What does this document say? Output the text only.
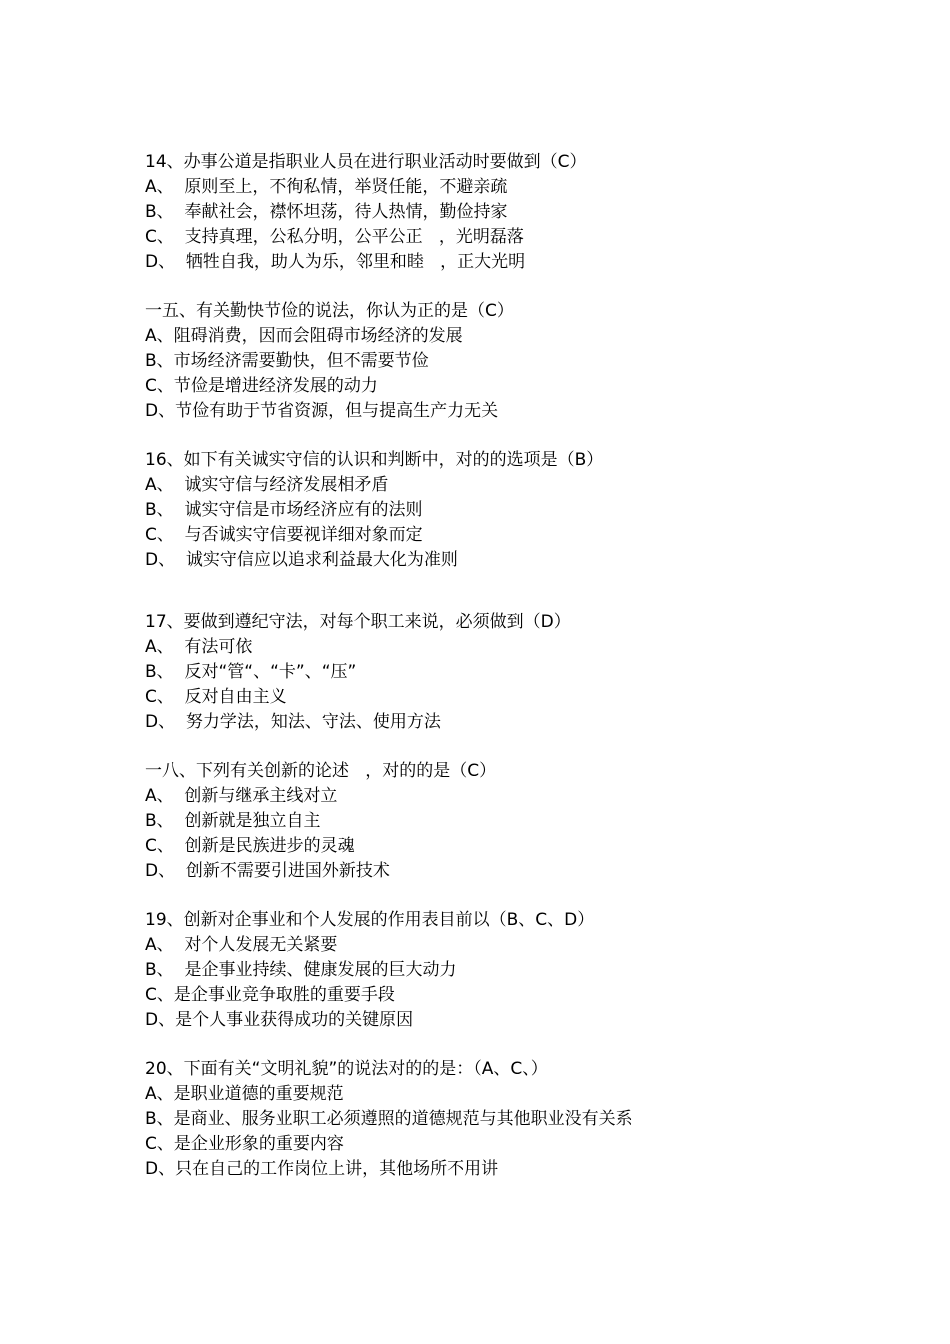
14、办事公道是指职业人员在进行职业活动时要做到（C）

A、  原则至上，不徇私情，举贤任能，不避亲疏

B、  奉献社会，襟怀坦荡，待人热情，勤俭持家

C、  支持真理，公私分明，公平公正   ，光明磊落

D、  牺牲自我，助人为乐，邻里和睦   ，正大光明

一五、有关勤快节俭的说法，你认为正的是（C）

A、阻碍消费，因而会阻碍市场经济的发展

B、市场经济需要勤快，但不需要节俭

C、节俭是增进经济发展的动力

D、节俭有助于节省资源，但与提高生产力无关

16、如下有关诚实守信的认识和判断中，对的的选项是（B）

A、  诚实守信与经济发展相矛盾

B、  诚实守信是市场经济应有的法则

C、  与否诚实守信要视详细对象而定

D、  诚实守信应以追求利益最大化为准则

17、要做到遵纪守法，对每个职工来说，必须做到（D）

A、  有法可依

B、  反对“管“、“卡”、“压”

C、  反对自由主义

D、  努力学法，知法、守法、使用方法

一八、下列有关创新的论述   ，对的的是（C）

A、  创新与继承主线对立

B、  创新就是独立自主

C、  创新是民族进步的灵魂

D、  创新不需要引进国外新技术

19、创新对企事业和个人发展的作用表目前以（B、C、D）

A、  对个人发展无关紧要

B、  是企事业持续、健康发展的巨大动力

C、是企事业竞争取胜的重要手段

D、是个人事业获得成功的关键原因

20、下面有关“文明礼貌”的说法对的的是：（A、C、）

A、是职业道德的重要规范

B、是商业、服务业职工必须遵照的道德规范与其他职业没有关系

C、是企业形象的重要内容

D、只在自己的工作岗位上讲，其他场所不用讲
